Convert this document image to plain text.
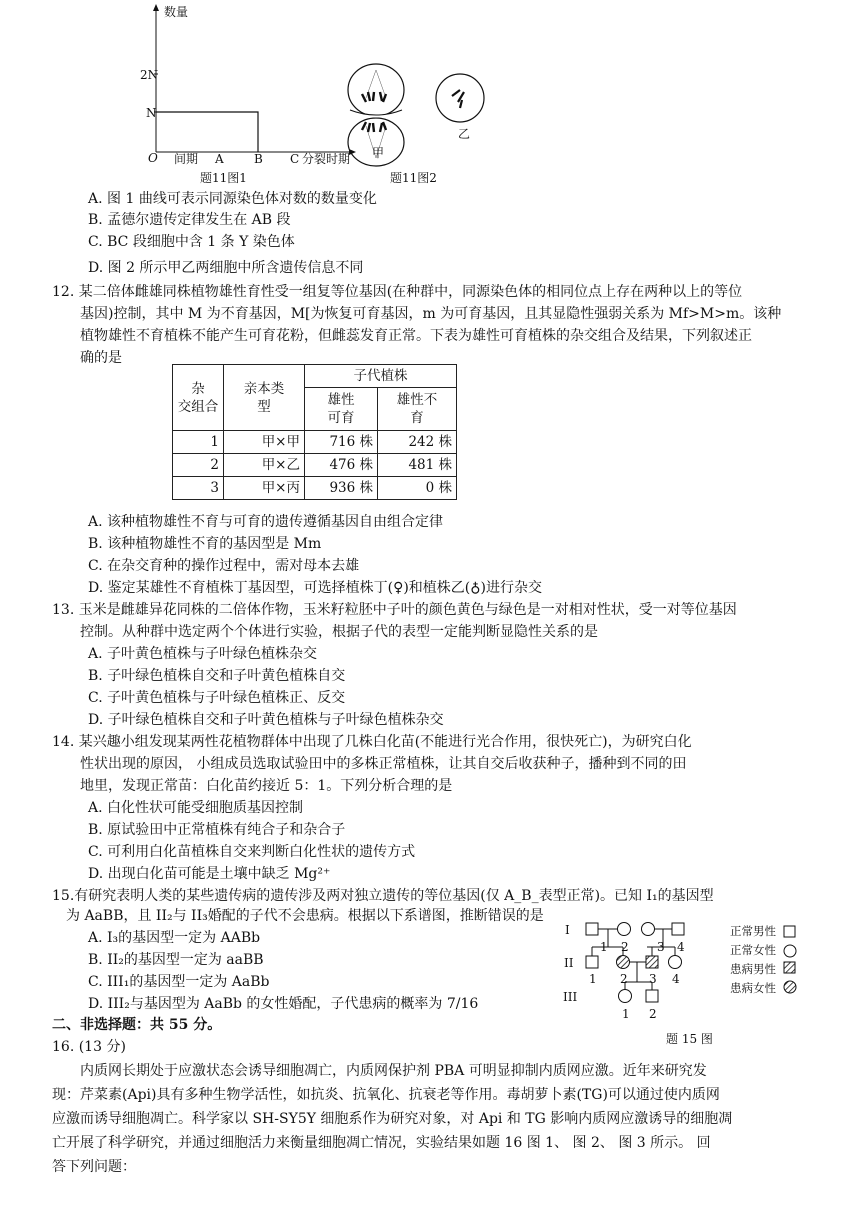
数量
2N
N
O 间期 A	B C 分裂时期
题11图1
甲
乙
题11图2
A. 图 1 曲线可表示同源染色体对数的数量变化
B. 孟德尔遗传定律发生在 AB 段
C. BC 段细胞中含 1 条 Y 染色体
D. 图 2 所示甲乙两细胞中所含遗传信息不同
12. 某二倍体雌雄同株植物雄性育性受一组复等位基因(在种群中，同源染色体的相同位点上存在两种以上的等位
基因)控制，其中 M 为不育基因，M[为恢复可育基因，m 为可育基因，且其显隐性强弱关系为 Mf>M>m。该种
植物雄性不育植株不能产生可育花粉，但雌蕊发育正常。下表为雄性可育植株的杂交组合及结果，下列叙述正
确的是
杂
交组合	亲本类
型	子代植株	
		雄性
可育	雄性不
育
1	甲×甲	716 株	242 株
2	甲×乙	476 株	481 株
3	甲×丙	936 株	0 株
A. 该种植物雄性不育与可育的遗传遵循基因自由组合定律
B. 该种植物雄性不育的基因型是 Mm
C. 在杂交育种的操作过程中，需对母本去雄
D. 鉴定某雄性不育植株丁基因型，可选择植株丁(♀)和植株乙(♁)进行杂交
13. 玉米是雌雄异花同株的二倍体作物，玉米籽粒胚中子叶的颜色黄色与绿色是一对相对性状，受一对等位基因
控制。从种群中选定两个个体进行实验，根据子代的表型一定能判断显隐性关系的是
A. 子叶黄色植株与子叶绿色植株杂交
B. 子叶绿色植株自交和子叶黄色植株自交
C. 子叶黄色植株与子叶绿色植株正、反交
D. 子叶绿色植株自交和子叶黄色植株与子叶绿色植株杂交
14. 某兴趣小组发现某两性花植物群体中出现了几株白化苗(不能进行光合作用，很快死亡)，为研究白化
性状出现的原因， 小组成员选取试验田中的多株正常植株，让其自交后收获种子，播种到不同的田
地里，发现正常苗：白化苗约接近 5：1。下列分析合理的是
A. 白化性状可能受细胞质基因控制
B. 原试验田中正常植株有纯合子和杂合子
C. 可利用白化苗植株自交来判断白化性状的遗传方式
D. 出现白化苗可能是土壤中缺乏 Mg²⁺
15.有研究表明人类的某些遗传病的遗传涉及两对独立遗传的等位基因(仅 A_B_表型正常)。已知 I₁的基因型
为 AaBB，且 II₂与 II₃婚配的子代不会患病。根据以下系谱图，推断错误的是
A. I₃的基因型一定为 AABb
B. II₂的基因型一定为 aaBB
C. III₁的基因型一定为 AaBb
D. III₂与基因型为 AaBb 的女性婚配，子代患病的概率为 7/16
I
II
III
1 2 3 4
1 2 3 4
1 2
正常男性
正常女性
患病男性
患病女性
题 15 图
二、非选择题：共 55 分。
16. (13 分)
内质网长期处于应激状态会诱导细胞凋亡，内质网保护剂 PBA 可明显抑制内质网应激。近年来研究发
现：芹菜素(Api)具有多种生物学活性，如抗炎、抗氧化、抗衰老等作用。毒胡萝卜素(TG)可以通过使内质网
应激而诱导细胞凋亡。科学家以 SH-SY5Y 细胞系作为研究对象，对 Api 和 TG 影响内质网应激诱导的细胞凋
亡开展了科学研究，并通过细胞活力来衡量细胞凋亡情况，实验结果如题 16 图 1、 图 2、 图 3 所示。 回
答下列问题：
